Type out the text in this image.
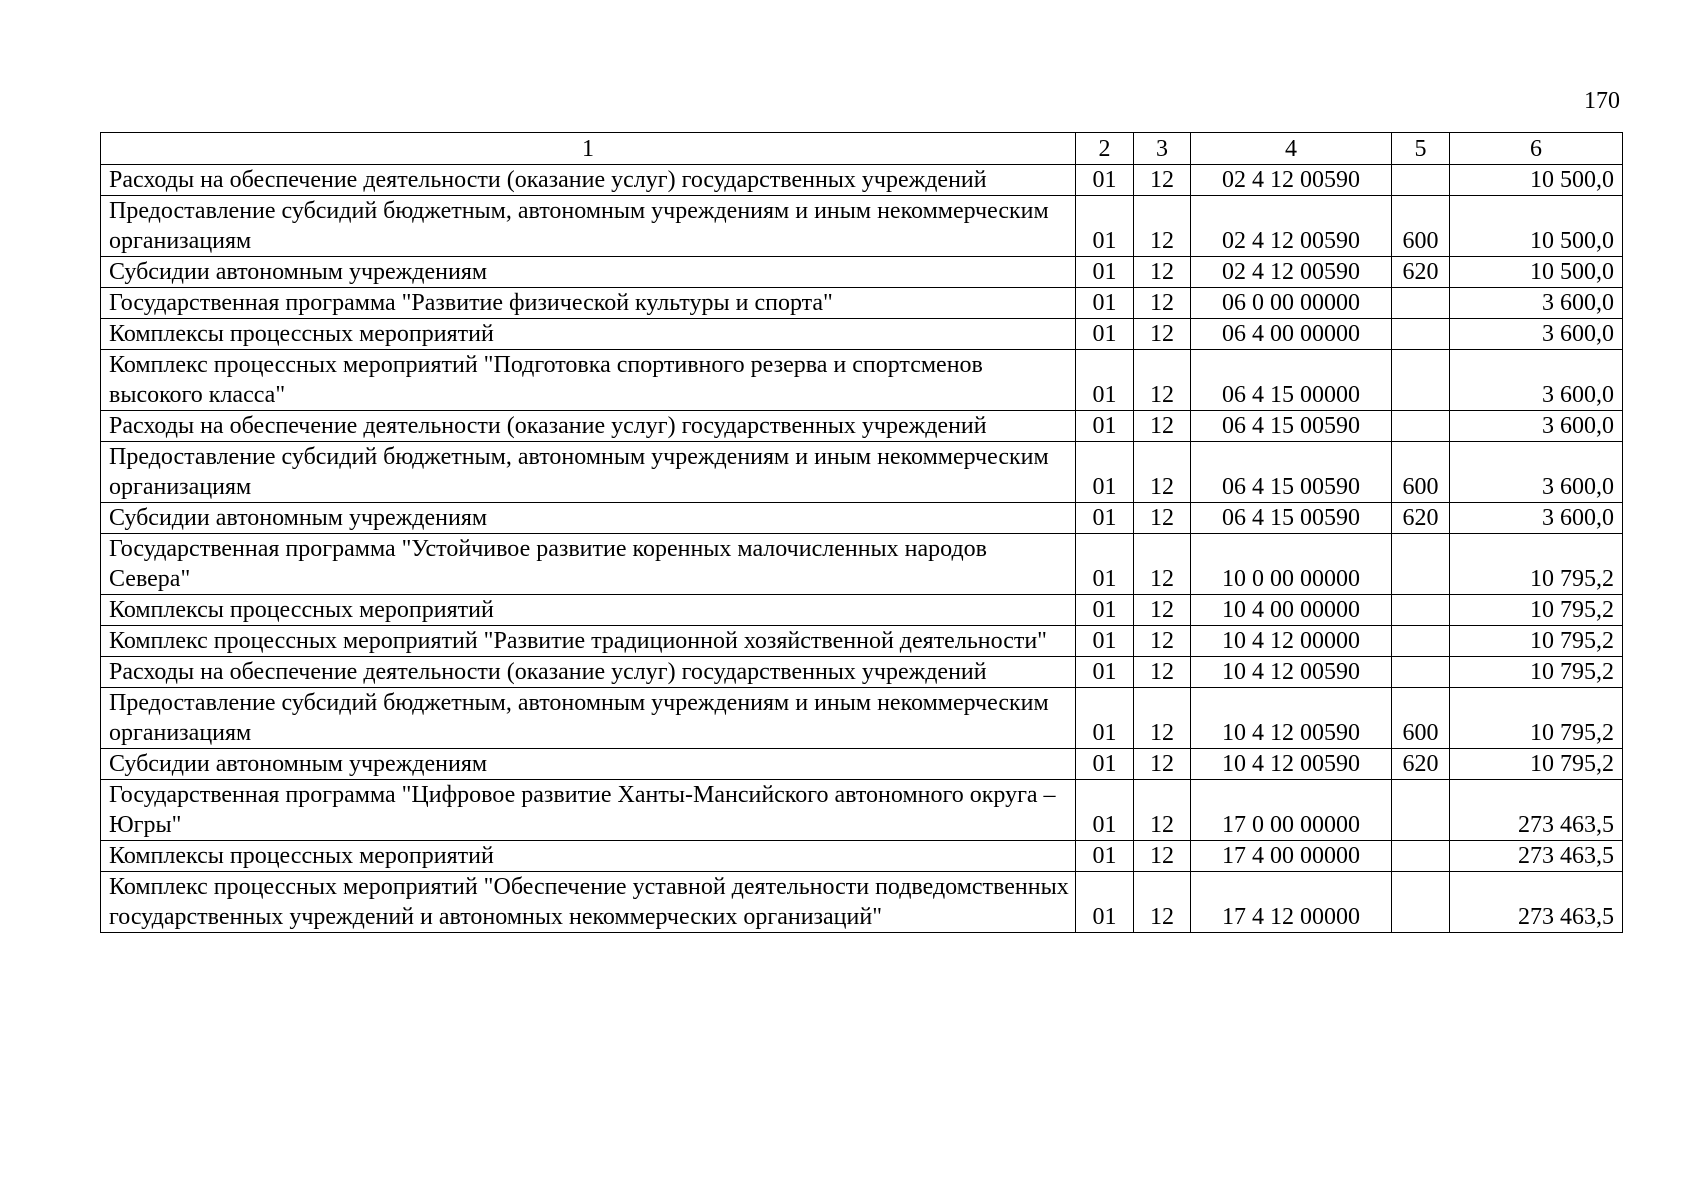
170
1	2	3	4	5	6
Расходы на обеспечение деятельности (оказание услуг) государственных учреждений	01	12	02 4 12 00590		10 500,0
Предоставление субсидий бюджетным, автономным учреждениям и иным некоммерческим организациям	01	12	02 4 12 00590	600	10 500,0
Субсидии автономным учреждениям	01	12	02 4 12 00590	620	10 500,0
Государственная программа "Развитие физической культуры и спорта"	01	12	06 0 00 00000		3 600,0
Комплексы процессных мероприятий	01	12	06 4 00 00000		3 600,0
Комплекс процессных мероприятий "Подготовка спортивного резерва и спортсменов высокого класса"	01	12	06 4 15 00000		3 600,0
Расходы на обеспечение деятельности (оказание услуг) государственных учреждений	01	12	06 4 15 00590		3 600,0
Предоставление субсидий бюджетным, автономным учреждениям и иным некоммерческим организациям	01	12	06 4 15 00590	600	3 600,0
Субсидии автономным учреждениям	01	12	06 4 15 00590	620	3 600,0
Государственная программа "Устойчивое развитие коренных малочисленных народов Севера"	01	12	10 0 00 00000		10 795,2
Комплексы процессных мероприятий	01	12	10 4 00 00000		10 795,2
Комплекс процессных мероприятий "Развитие традиционной хозяйственной деятельности"	01	12	10 4 12 00000		10 795,2
Расходы на обеспечение деятельности (оказание услуг) государственных учреждений	01	12	10 4 12 00590		10 795,2
Предоставление субсидий бюджетным, автономным учреждениям и иным некоммерческим организациям	01	12	10 4 12 00590	600	10 795,2
Субсидии автономным учреждениям	01	12	10 4 12 00590	620	10 795,2
Государственная программа "Цифровое развитие Ханты-Мансийского автономного округа – Югры"	01	12	17 0 00 00000		273 463,5
Комплексы процессных мероприятий	01	12	17 4 00 00000		273 463,5
Комплекс процессных мероприятий "Обеспечение уставной деятельности подведомственных государственных учреждений и автономных некоммерческих организаций"	01	12	17 4 12 00000		273 463,5
